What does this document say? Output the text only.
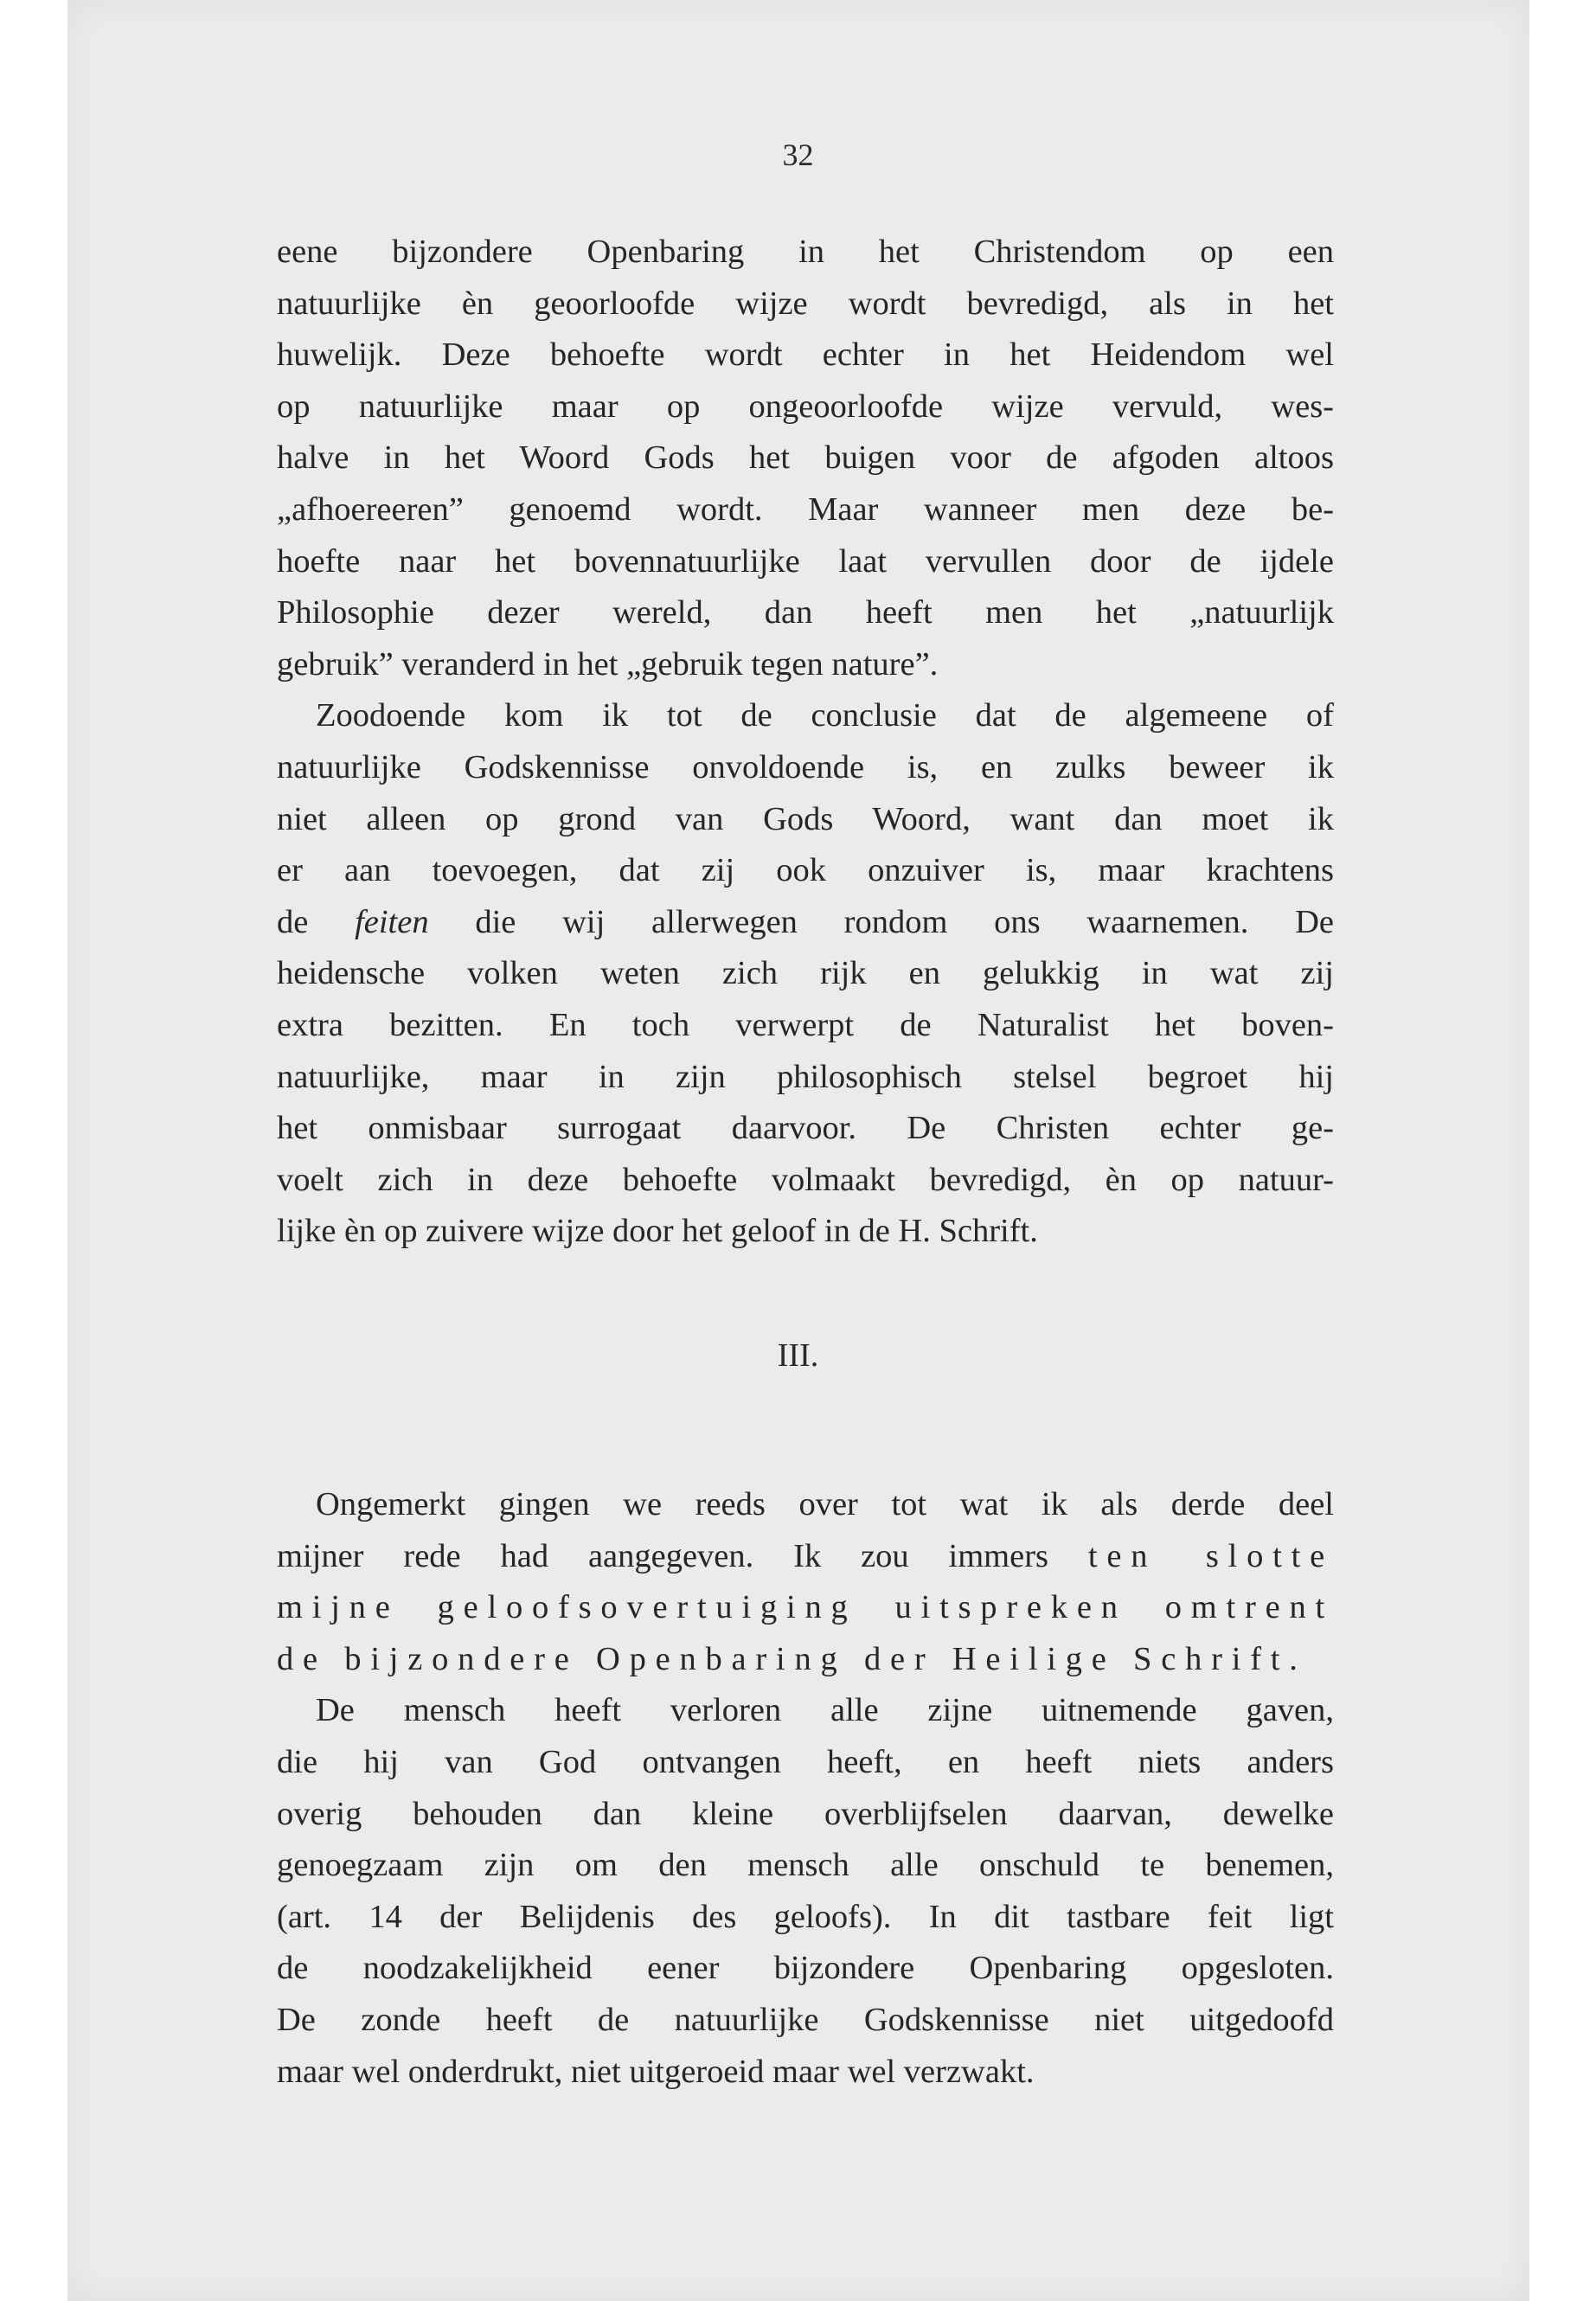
32
eene bijzondere Openbaring in het Christendom op een
natuurlijke èn geoorloofde wijze wordt bevredigd, als in het
huwelijk. Deze behoefte wordt echter in het Heidendom wel
op natuurlijke maar op ongeoorloofde wijze vervuld, wes-
halve in het Woord Gods het buigen voor de afgoden altoos
„afhoereeren” genoemd wordt. Maar wanneer men deze be-
hoefte naar het bovennatuurlijke laat vervullen door de ijdele
Philosophie dezer wereld, dan heeft men het „natuurlijk
gebruik” veranderd in het „gebruik tegen nature”.
Zoodoende kom ik tot de conclusie dat de algemeene of
natuurlijke Godskennisse onvoldoende is, en zulks beweer ik
niet alleen op grond van Gods Woord, want dan moet ik
er aan toevoegen, dat zij ook onzuiver is, maar krachtens
de feiten die wij allerwegen rondom ons waarnemen. De
heidensche volken weten zich rijk en gelukkig in wat zij
extra bezitten. En toch verwerpt de Naturalist het boven-
natuurlijke, maar in zijn philosophisch stelsel begroet hij
het onmisbaar surrogaat daarvoor. De Christen echter ge-
voelt zich in deze behoefte volmaakt bevredigd, èn op natuur-
lijke èn op zuivere wijze door het geloof in de H. Schrift.
III.
Ongemerkt gingen we reeds over tot wat ik als derde deel
mijner rede had aangegeven. Ik zou immers ten slotte
mijne geloofsovertuiging uitspreken omtrent
de bijzondere Openbaring der Heilige Schrift.
De mensch heeft verloren alle zijne uitnemende gaven,
die hij van God ontvangen heeft, en heeft niets anders
overig behouden dan kleine overblijfselen daarvan, dewelke
genoegzaam zijn om den mensch alle onschuld te benemen,
(art. 14 der Belijdenis des geloofs). In dit tastbare feit ligt
de noodzakelijkheid eener bijzondere Openbaring opgesloten.
De zonde heeft de natuurlijke Godskennisse niet uitgedoofd
maar wel onderdrukt, niet uitgeroeid maar wel verzwakt.
